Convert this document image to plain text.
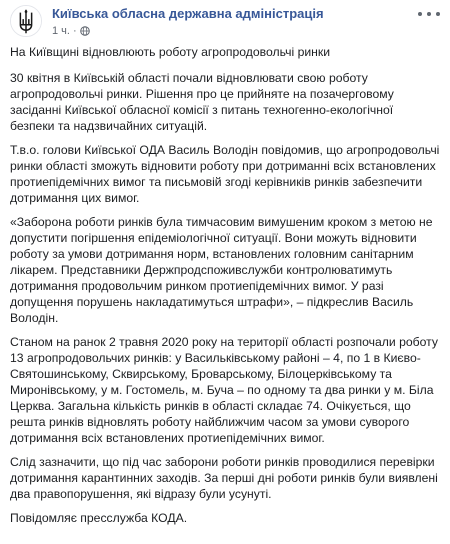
Київська обласна державна адміністрація
1 ч. ·

На Київщині відновлюють роботу агропродовольчі ринки

30 квітня в Київській області почали відновлювати свою роботу агропродовольчі ринки. Рішення про це прийняте на позачерговому засіданні Київської обласної комісії з питань техногенно-екологічної безпеки та надзвичайних ситуацій.

Т.в.о. голови Київської ОДА Василь Володін повідомив, що агропродовольчі ринки області зможуть відновити роботу при дотриманні всіх встановлених протиепідемічних вимог та письмовій згоді керівників ринків забезпечити дотримання цих вимог.

«Заборона роботи ринків була тимчасовим вимушеним кроком з метою не допустити погіршення епідеміологічної ситуації. Вони можуть відновити роботу за умови дотримання норм, встановлених головним санітарним лікарем. Представники Держпродспоживслужби контролюватимуть дотримання продовольчим ринком протиепідемічних вимог. У разі допущення порушень накладатимуться штрафи», – підкреслив Василь Володін.

Станом на ранок 2 травня 2020 року на території області розпочали роботу 13 агропродовольчих ринків: у Васильківському районі – 4, по 1 в Києво-Святошинському, Сквирському, Броварському, Білоцерківському та Миронівському, у м. Гостомель, м. Буча – по одному та два ринки у м. Біла Церква. Загальна кількість ринків в області складає 74. Очікується, що решта ринків відновлять роботу найближчим часом за умови суворого дотримання всіх встановлених протиепідемічних вимог.

Слід зазначити, що під час заборони роботи ринків проводилися перевірки дотримання карантинних заходів. За перші дні роботи ринків були виявлені два правопорушення, які відразу були усунуті.

Повідомляє пресслужба КОДА.
